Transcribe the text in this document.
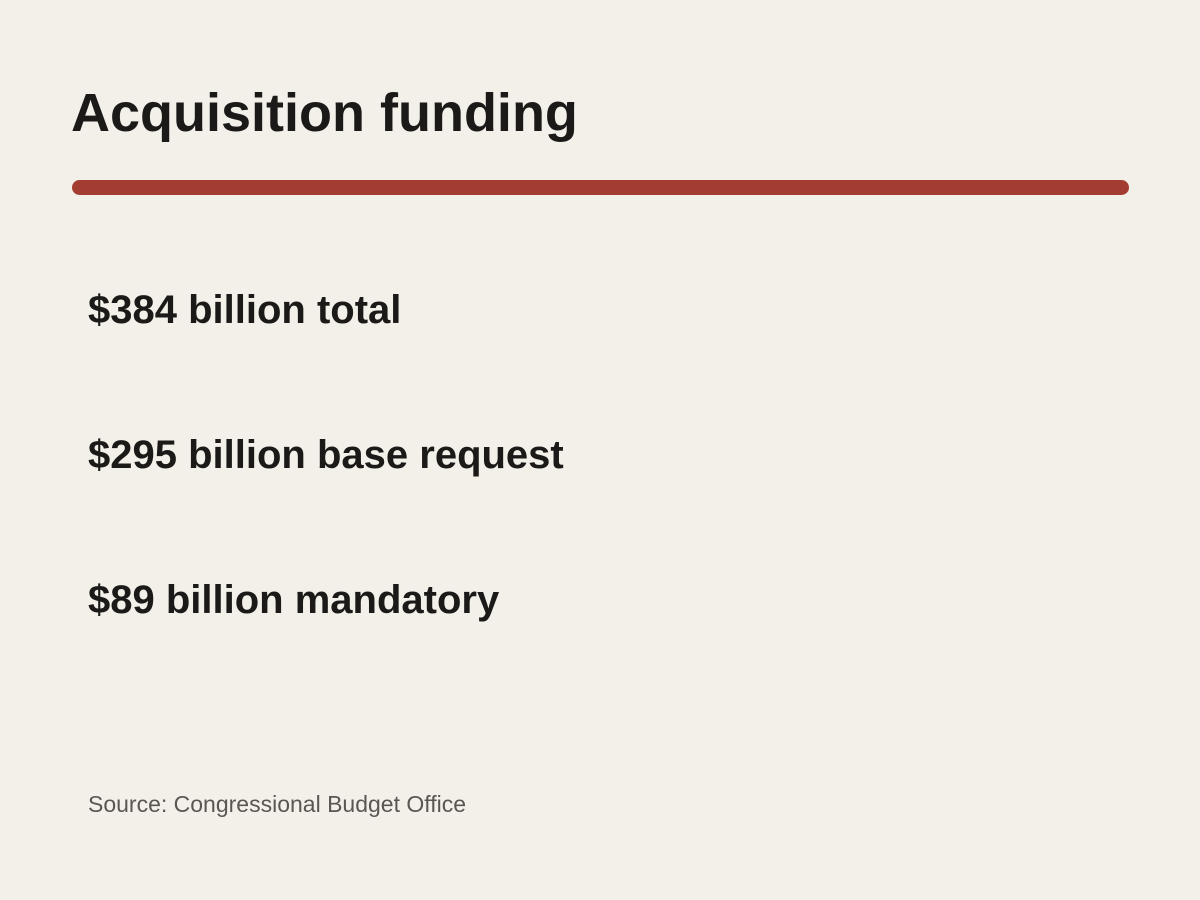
Acquisition funding

$384 billion total

$295 billion base request

$89 billion mandatory

Source: Congressional Budget Office
